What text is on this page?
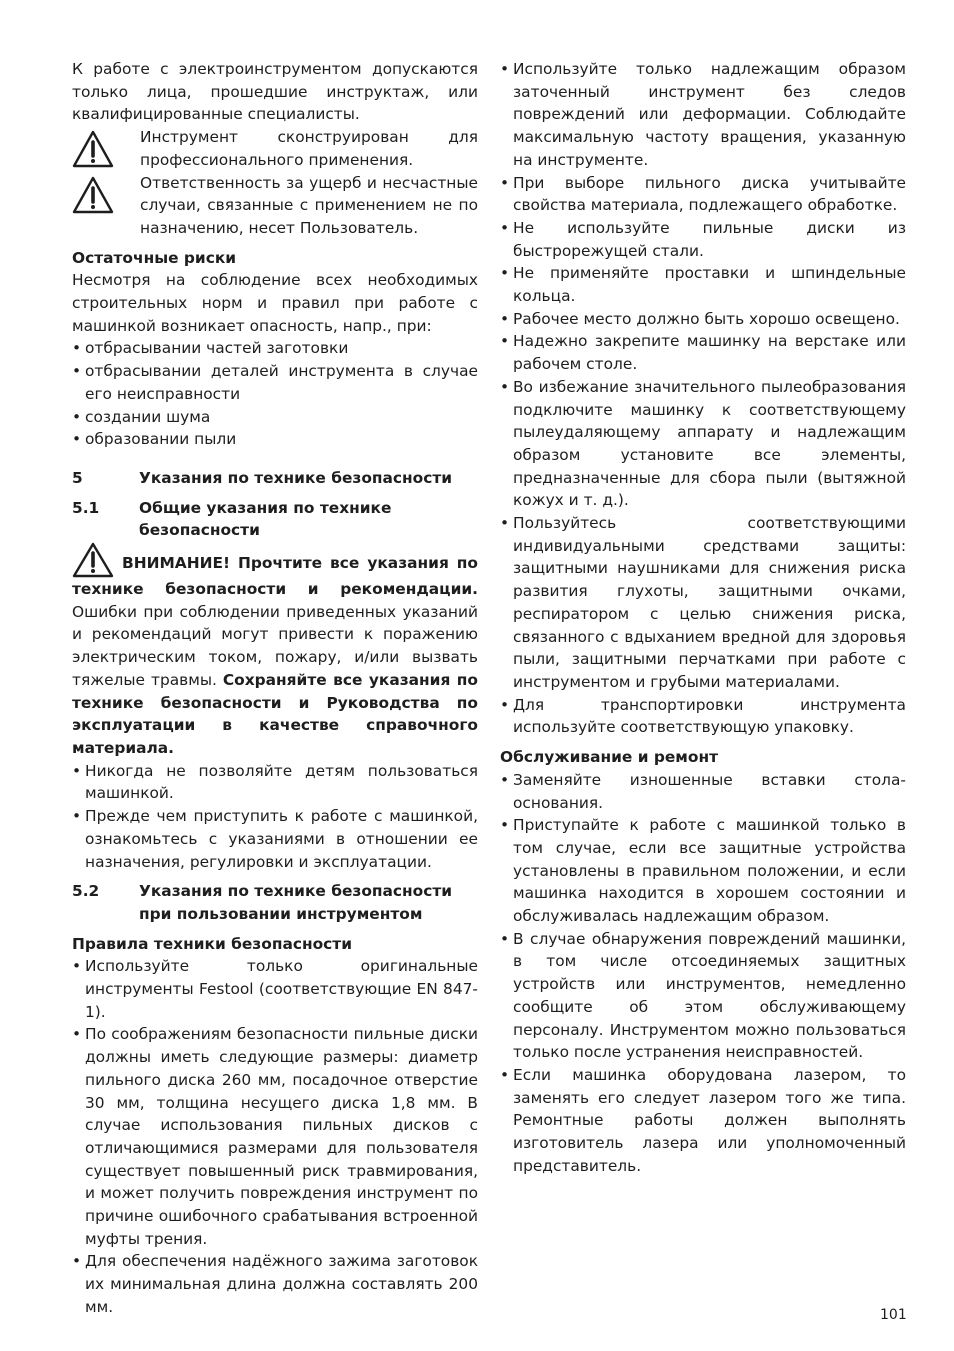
К работе с электроинструментом допускаются только лица, прошедшие инструктаж, или квалифицированные специалисты.

Инструмент сконструирован для профессионального применения.
Ответственность за ущерб и несчастные случаи, связанные с применением не по назначению, несет Пользователь.

Остаточные риски

Несмотря на соблюдение всех необходимых строительных норм и правил при работе с машинкой возникает опасность, напр., при:

• отбрасывании частей заготовки
• отбрасывании деталей инструмента в случае его неисправности
• создании шума
• образовании пыли
5	Указания по технике безопасности
5.1	Общие указания по технике безопасности

ВНИМАНИЕ! Прочтите все указания по технике безопасности и рекомендации. Ошибки при соблюдении приведенных указаний и рекомендаций могут привести к поражению электрическим током, пожару, и/или вызвать тяжелые травмы. Сохраняйте все указания по технике безопасности и Руководства по эксплуатации в качестве справочного материала.

• Никогда не позволяйте детям пользоваться машинкой.
• Прежде чем приступить к работе с машинкой, ознакомьтесь с указаниями в отношении ее назначения, регулировки и эксплуатации.
5.2	Указания по технике безопасности при пользовании инструментом

Правила техники безопасности

• Используйте только оригинальные инструменты Festool (соответствующие EN 847-1).
• По соображениям безопасности пильные диски должны иметь следующие размеры: диаметр пильного диска 260 мм, посадочное отверстие 30 мм, толщина несущего диска 1,8 мм. В случае использования пильных дисков с отличающимися размерами для пользователя существует повышенный риск травмирования, и может получить повреждения инструмент по причине ошибочного срабатывания встроенной муфты трения.
• Для обеспечения надёжного зажима заготовок их минимальная длина должна составлять 200 мм.
• Используйте только надлежащим образом заточенный инструмент без следов повреждений или деформации. Соблюдайте максимальную частоту вращения, указанную на инструменте.
• При выборе пильного диска учитывайте свойства материала, подлежащего обработке.
• Не используйте пильные диски из быстрорежущей стали.
• Не применяйте проставки и шпиндельные кольца.
• Рабочее место должно быть хорошо освещено.
• Надежно закрепите машинку на верстаке или рабочем столе.
• Во избежание значительного пылеобразования подключите машинку к соответствующему пылеудаляющему аппарату и надлежащим образом установите все элементы, предназначенные для сбора пыли (вытяжной кожух и т. д.).
• Пользуйтесь соответствующими индивидуальными средствами защиты: защитными наушниками для снижения риска развития глухоты, защитными очками, респиратором с целью снижения риска, связанного с вдыханием вредной для здоровья пыли, защитными перчатками при работе с инструментом и грубыми материалами.
• Для транспортировки инструмента используйте соответствующую упаковку.

Обслуживание и ремонт

• Заменяйте изношенные вставки стола-основания.
• Приступайте к работе с машинкой только в том случае, если все защитные устройства установлены в правильном положении, и если машинка находится в хорошем состоянии и обслуживалась надлежащим образом.
• В случае обнаружения повреждений машинки, в том числе отсоединяемых защитных устройств или инструментов, немедленно сообщите об этом обслуживающему персоналу. Инструментом можно пользоваться только после устранения неисправностей.
• Если машинка оборудована лазером, то заменять его следует лазером того же типа. Ремонтные работы должен выполнять изготовитель лазера или уполномоченный представитель.
101
